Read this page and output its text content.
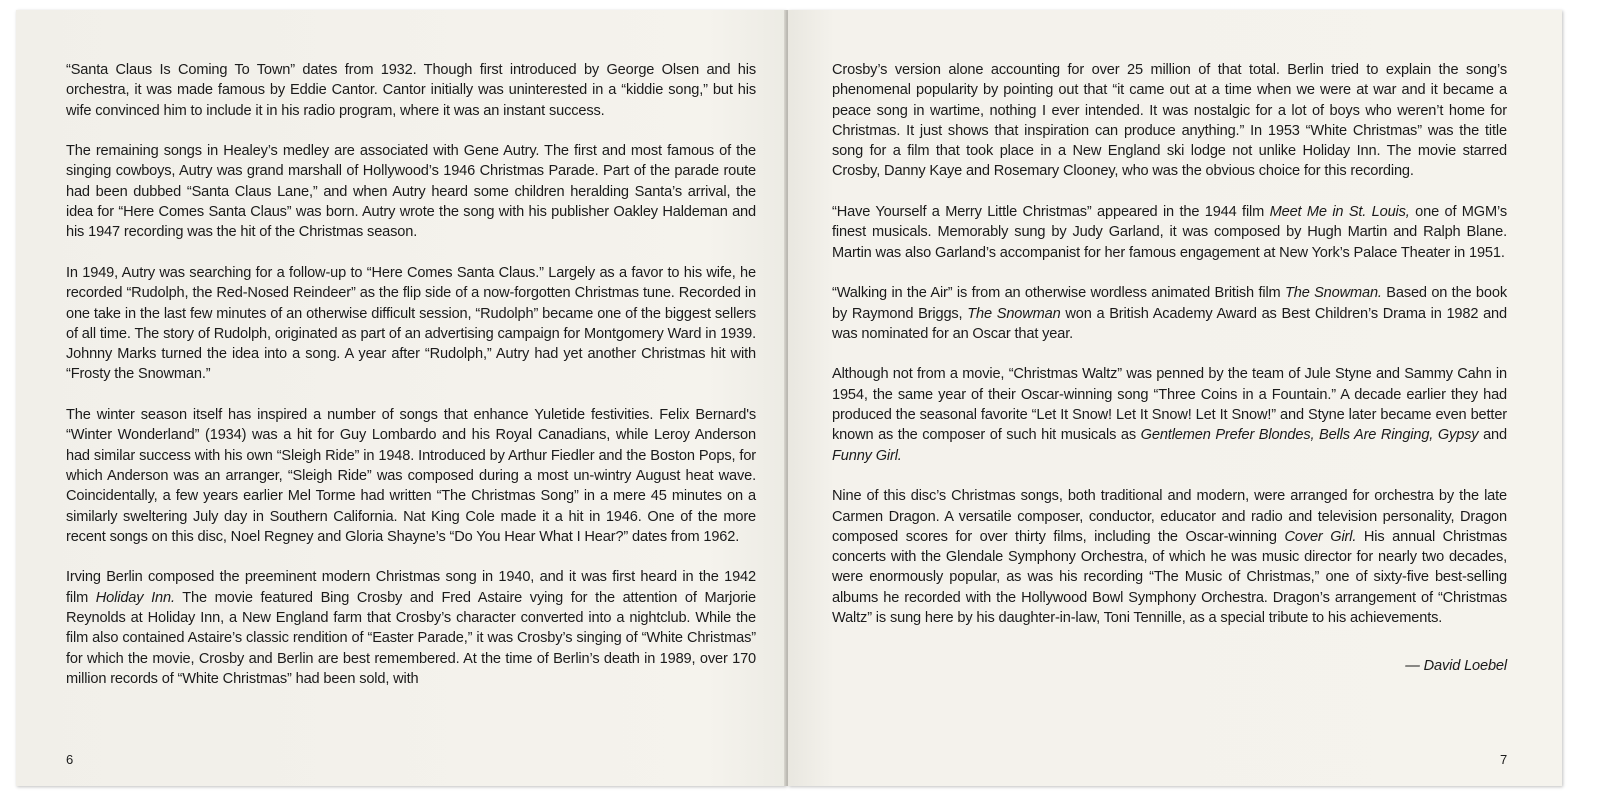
“Santa Claus Is Coming To Town” dates from 1932. Though first introduced by George Olsen and his orchestra, it was made famous by Eddie Cantor. Cantor initially was uninterested in a “kiddie song,” but his wife convinced him to include it in his radio program, where it was an instant success.

The remaining songs in Healey’s medley are associated with Gene Autry. The first and most famous of the singing cowboys, Autry was grand marshall of Hollywood’s 1946 Christmas Parade. Part of the parade route had been dubbed “Santa Claus Lane,” and when Autry heard some children heralding Santa’s arrival, the idea for “Here Comes Santa Claus” was born. Autry wrote the song with his publisher Oakley Haldeman and his 1947 recording was the hit of the Christmas season.

In 1949, Autry was searching for a follow-up to “Here Comes Santa Claus.” Largely as a favor to his wife, he recorded “Rudolph, the Red-Nosed Reindeer” as the flip side of a now-forgotten Christmas tune. Recorded in one take in the last few minutes of an otherwise difficult session, “Rudolph” became one of the biggest sellers of all time. The story of Rudolph, originated as part of an advertising campaign for Montgomery Ward in 1939. Johnny Marks turned the idea into a song. A year after “Rudolph,” Autry had yet another Christmas hit with “Frosty the Snowman.”

The winter season itself has inspired a number of songs that enhance Yuletide festivities. Felix Bernard's “Winter Wonderland” (1934) was a hit for Guy Lombardo and his Royal Canadians, while Leroy Anderson had similar success with his own “Sleigh Ride” in 1948. Introduced by Arthur Fiedler and the Boston Pops, for which Anderson was an arranger, “Sleigh Ride” was composed during a most un-wintry August heat wave. Coincidentally, a few years earlier Mel Torme had written “The Christmas Song” in a mere 45 minutes on a similarly sweltering July day in Southern California. Nat King Cole made it a hit in 1946. One of the more recent songs on this disc, Noel Regney and Gloria Shayne’s “Do You Hear What I Hear?” dates from 1962.

Irving Berlin composed the preeminent modern Christmas song in 1940, and it was first heard in the 1942 film Holiday Inn. The movie featured Bing Crosby and Fred Astaire vying for the attention of Marjorie Reynolds at Holiday Inn, a New England farm that Crosby’s character converted into a nightclub. While the film also contained Astaire’s classic rendition of “Easter Parade,” it was Crosby’s singing of “White Christmas” for which the movie, Crosby and Berlin are best remembered. At the time of Berlin’s death in 1989, over 170 million records of “White Christmas” had been sold, with

6

Crosby’s version alone accounting for over 25 million of that total. Berlin tried to explain the song’s phenomenal popularity by pointing out that “it came out at a time when we were at war and it became a peace song in wartime, nothing I ever intended. It was nostalgic for a lot of boys who weren’t home for Christmas. It just shows that inspiration can produce anything.” In 1953 “White Christmas” was the title song for a film that took place in a New England ski lodge not unlike Holiday Inn. The movie starred Crosby, Danny Kaye and Rosemary Clooney, who was the obvious choice for this recording.

“Have Yourself a Merry Little Christmas” appeared in the 1944 film Meet Me in St. Louis, one of MGM’s finest musicals. Memorably sung by Judy Garland, it was composed by Hugh Martin and Ralph Blane. Martin was also Garland’s accompanist for her famous engagement at New York’s Palace Theater in 1951.

“Walking in the Air” is from an otherwise wordless animated British film The Snowman. Based on the book by Raymond Briggs, The Snowman won a British Academy Award as Best Children’s Drama in 1982 and was nominated for an Oscar that year.

Although not from a movie, “Christmas Waltz” was penned by the team of Jule Styne and Sammy Cahn in 1954, the same year of their Oscar-winning song “Three Coins in a Fountain.” A decade earlier they had produced the seasonal favorite “Let It Snow! Let It Snow! Let It Snow!” and Styne later became even better known as the composer of such hit musicals as Gentlemen Prefer Blondes, Bells Are Ringing, Gypsy and Funny Girl.

Nine of this disc’s Christmas songs, both traditional and modern, were arranged for orchestra by the late Carmen Dragon. A versatile composer, conductor, educator and radio and television personality, Dragon composed scores for over thirty films, including the Oscar-winning Cover Girl. His annual Christmas concerts with the Glendale Symphony Orchestra, of which he was music director for nearly two decades, were enormously popular, as was his recording “The Music of Christmas,” one of sixty-five best-selling albums he recorded with the Hollywood Bowl Symphony Orchestra. Dragon’s arrangement of “Christmas Waltz” is sung here by his daughter-in-law, Toni Tennille, as a special tribute to his achievements.

— David Loebel

7
